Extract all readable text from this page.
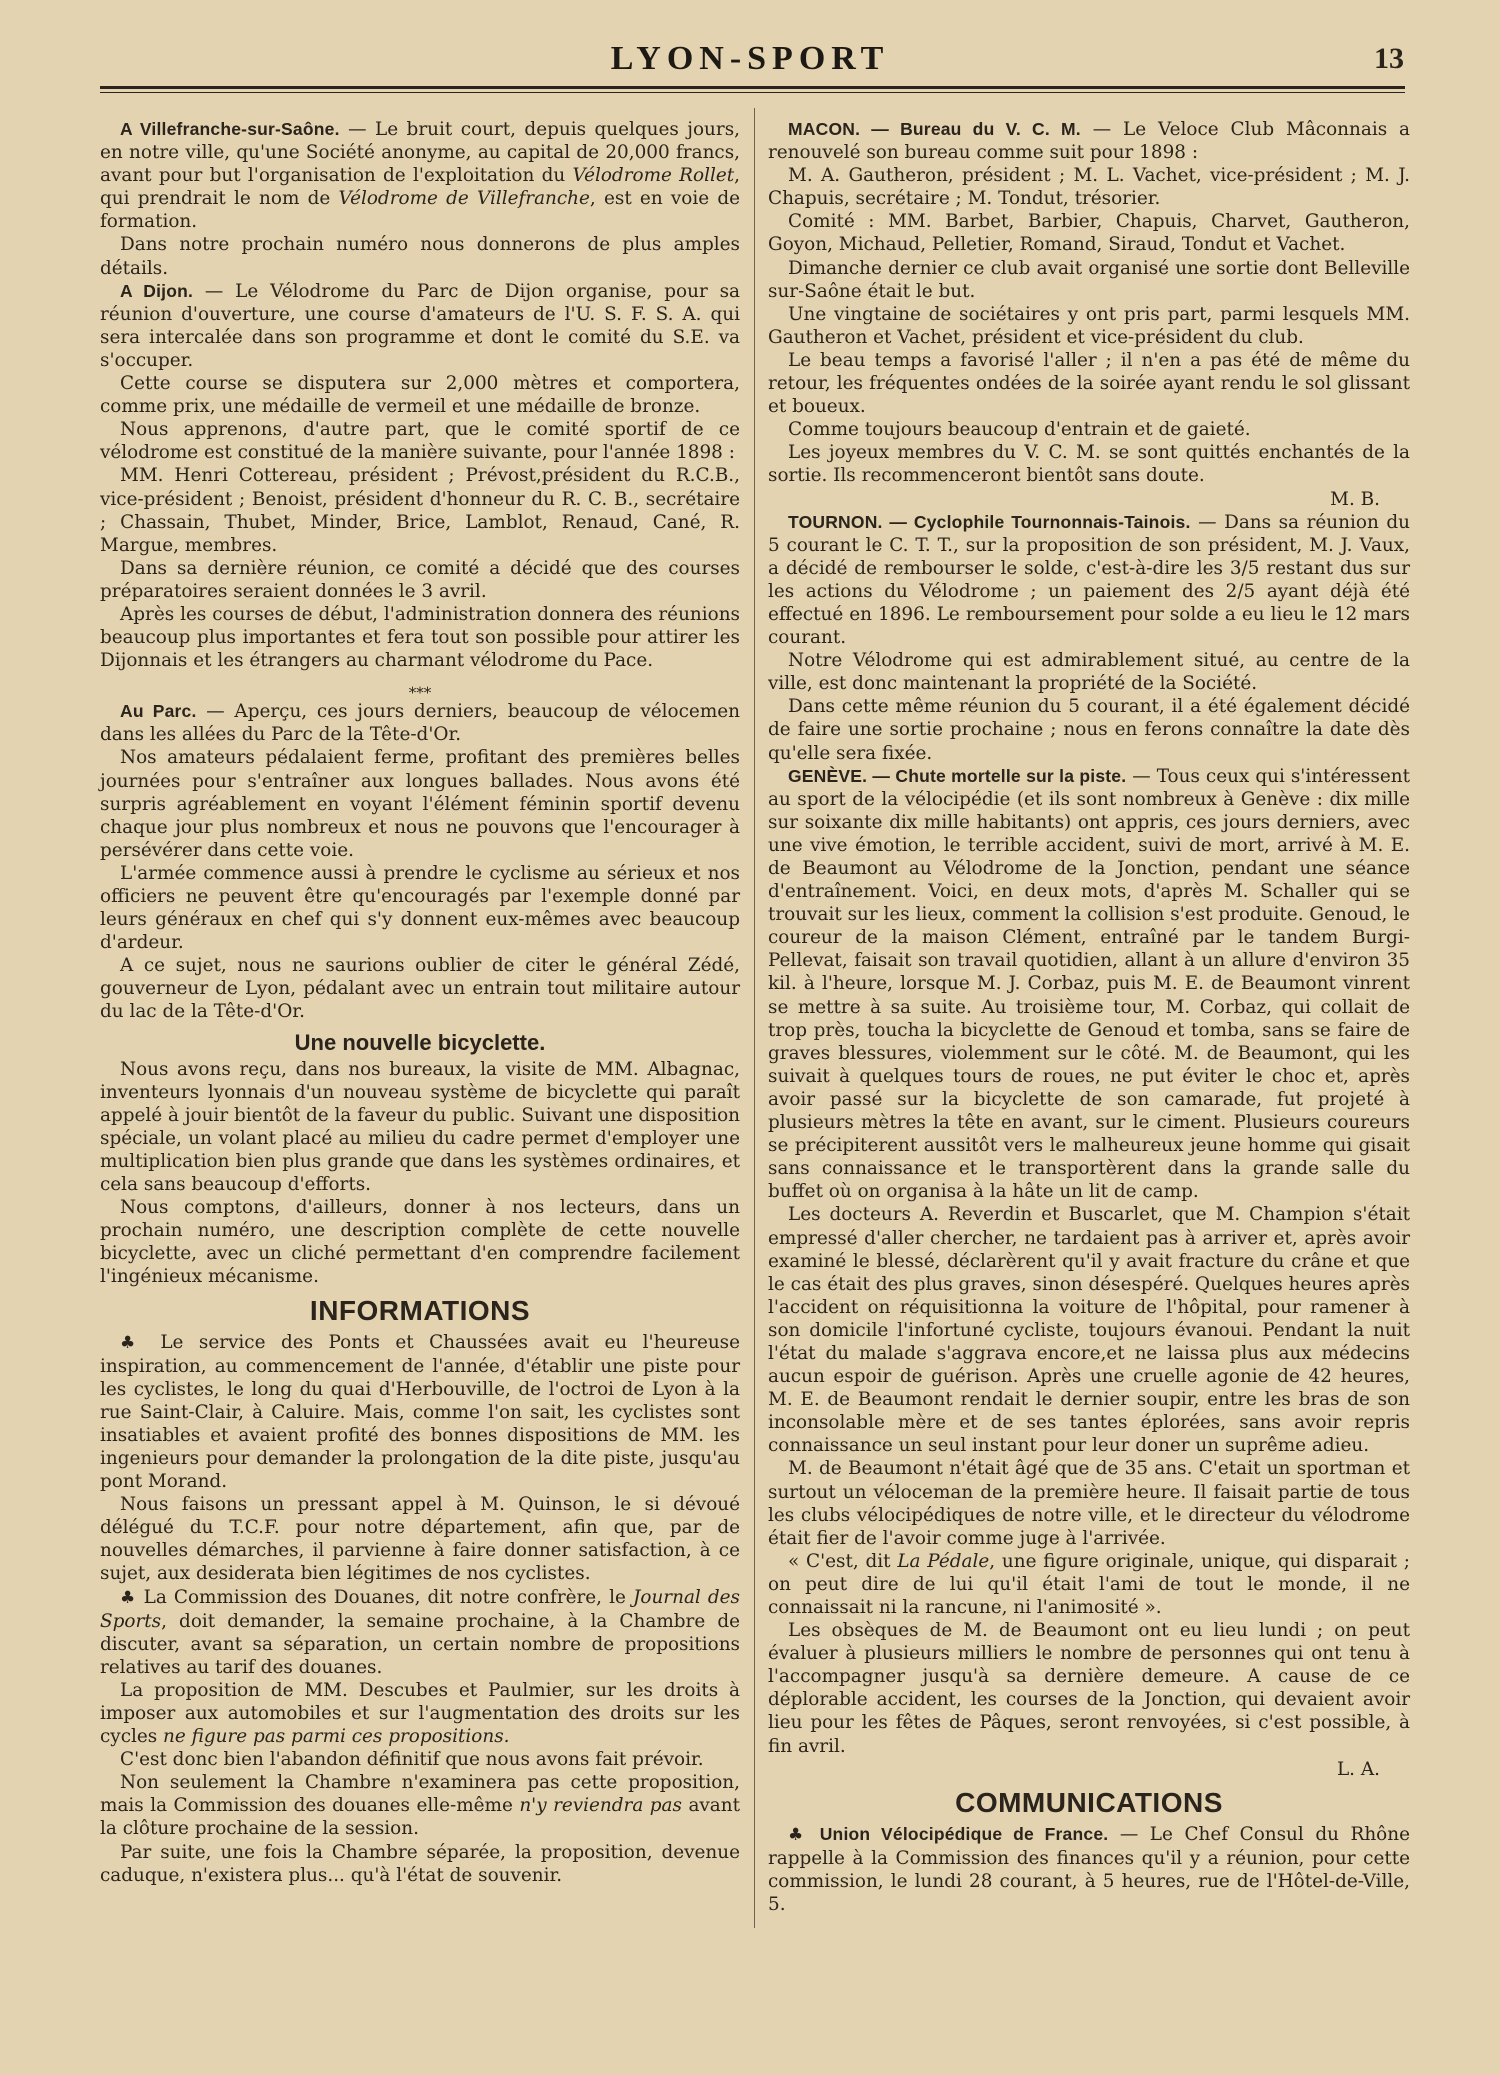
LYON-SPORT	13

A Villefranche-sur-Saône. — Le bruit court, depuis quelques jours, en notre ville, qu'une Société anonyme, au capital de 20,000 francs, avant pour but l'organisation de l'exploitation du Vélodrome Rollet, qui prendrait le nom de Vélodrome de Villefranche, est en voie de formation.

Dans notre prochain numéro nous donnerons de plus amples détails.

A Dijon. — Le Vélodrome du Parc de Dijon organise, pour sa réunion d'ouverture, une course d'amateurs de l'U. S. F. S. A. qui sera intercalée dans son programme et dont le comité du S.E. va s'occuper.

Cette course se disputera sur 2,000 mètres et comportera, comme prix, une médaille de vermeil et une médaille de bronze.

Nous apprenons, d'autre part, que le comité sportif de ce vélodrome est constitué de la manière suivante, pour l'année 1898 :

MM. Henri Cottereau, président ; Prévost,président du R.C.B., vice-président ; Benoist, président d'honneur du R. C. B., secrétaire ; Chassain, Thubet, Minder, Brice, Lamblot, Renaud, Cané, R. Margue, membres.

Dans sa dernière réunion, ce comité a décidé que des courses préparatoires seraient données le 3 avril.

Après les courses de début, l'administration donnera des réunions beaucoup plus importantes et fera tout son possible pour attirer les Dijonnais et les étrangers au charmant vélodrome du Pace.

⁎⁎⁎

Au Parc. — Aperçu, ces jours derniers, beaucoup de vélocemen dans les allées du Parc de la Tête-d'Or.

Nos amateurs pédalaient ferme, profitant des premières belles journées pour s'entraîner aux longues ballades. Nous avons été surpris agréablement en voyant l'élément féminin sportif devenu chaque jour plus nombreux et nous ne pouvons que l'encourager à persévérer dans cette voie.

L'armée commence aussi à prendre le cyclisme au sérieux et nos officiers ne peuvent être qu'encouragés par l'exemple donné par leurs généraux en chef qui s'y donnent eux-mêmes avec beaucoup d'ardeur.

A ce sujet, nous ne saurions oublier de citer le général Zédé, gouverneur de Lyon, pédalant avec un entrain tout militaire autour du lac de la Tête-d'Or.

Une nouvelle bicyclette.

Nous avons reçu, dans nos bureaux, la visite de MM. Albagnac, inventeurs lyonnais d'un nouveau système de bicyclette qui paraît appelé à jouir bientôt de la faveur du public. Suivant une disposition spéciale, un volant placé au milieu du cadre permet d'employer une multiplication bien plus grande que dans les systèmes ordinaires, et cela sans beaucoup d'efforts.

Nous comptons, d'ailleurs, donner à nos lecteurs, dans un prochain numéro, une description complète de cette nouvelle bicyclette, avec un cliché permettant d'en comprendre facilement l'ingénieux mécanisme.

INFORMATIONS

♣ Le service des Ponts et Chaussées avait eu l'heureuse inspiration, au commencement de l'année, d'établir une piste pour les cyclistes, le long du quai d'Herbouville, de l'octroi de Lyon à la rue Saint-Clair, à Caluire. Mais, comme l'on sait, les cyclistes sont insatiables et avaient profité des bonnes dispositions de MM. les ingenieurs pour demander la prolongation de la dite piste, jusqu'au pont Morand.

Nous faisons un pressant appel à M. Quinson, le si dévoué délégué du T.C.F. pour notre département, afin que, par de nouvelles démarches, il parvienne à faire donner satisfaction, à ce sujet, aux desiderata bien légitimes de nos cyclistes.

♣ La Commission des Douanes, dit notre confrère, le Journal des Sports, doit demander, la semaine prochaine, à la Chambre de discuter, avant sa séparation, un certain nombre de propositions relatives au tarif des douanes.

La proposition de MM. Descubes et Paulmier, sur les droits à imposer aux automobiles et sur l'augmentation des droits sur les cycles ne figure pas parmi ces propositions.

C'est donc bien l'abandon définitif que nous avons fait prévoir.

Non seulement la Chambre n'examinera pas cette proposition, mais la Commission des douanes elle-même n'y reviendra pas avant la clôture prochaine de la session.

Par suite, une fois la Chambre séparée, la proposition, devenue caduque, n'existera plus... qu'à l'état de souvenir.

MACON. — Bureau du V. C. M. — Le Veloce Club Mâconnais a renouvelé son bureau comme suit pour 1898 :

M. A. Gautheron, président ; M. L. Vachet, vice-président ; M. J. Chapuis, secrétaire ; M. Tondut, trésorier.

Comité : MM. Barbet, Barbier, Chapuis, Charvet, Gautheron, Goyon, Michaud, Pelletier, Romand, Siraud, Tondut et Vachet.

Dimanche dernier ce club avait organisé une sortie dont Belleville sur-Saône était le but.

Une vingtaine de sociétaires y ont pris part, parmi lesquels MM. Gautheron et Vachet, président et vice-président du club.

Le beau temps a favorisé l'aller ; il n'en a pas été de même du retour, les fréquentes ondées de la soirée ayant rendu le sol glissant et boueux.

Comme toujours beaucoup d'entrain et de gaieté.

Les joyeux membres du V. C. M. se sont quittés enchantés de la sortie. Ils recommenceront bientôt sans doute.
M. B.

TOURNON. — Cyclophile Tournonnais-Tainois. — Dans sa réunion du 5 courant le C. T. T., sur la proposition de son président, M. J. Vaux, a décidé de rembourser le solde, c'est-à-dire les 3/5 restant dus sur les actions du Vélodrome ; un paiement des 2/5 ayant déjà été effectué en 1896. Le remboursement pour solde a eu lieu le 12 mars courant.

Notre Vélodrome qui est admirablement situé, au centre de la ville, est donc maintenant la propriété de la Société.

Dans cette même réunion du 5 courant, il a été également décidé de faire une sortie prochaine ; nous en ferons connaître la date dès qu'elle sera fixée.

GENÈVE. — Chute mortelle sur la piste. — Tous ceux qui s'intéressent au sport de la vélocipédie (et ils sont nombreux à Genève : dix mille sur soixante dix mille habitants) ont appris, ces jours derniers, avec une vive émotion, le terrible accident, suivi de mort, arrivé à M. E. de Beaumont au Vélodrome de la Jonction, pendant une séance d'entraînement. Voici, en deux mots, d'après M. Schaller qui se trouvait sur les lieux, comment la collision s'est produite. Genoud, le coureur de la maison Clément, entraîné par le tandem Burgi-Pellevat, faisait son travail quotidien, allant à un allure d'environ 35 kil. à l'heure, lorsque M. J. Corbaz, puis M. E. de Beaumont vinrent se mettre à sa suite. Au troisième tour, M. Corbaz, qui collait de trop près, toucha la bicyclette de Genoud et tomba, sans se faire de graves blessures, violemment sur le côté. M. de Beaumont, qui les suivait à quelques tours de roues, ne put éviter le choc et, après avoir passé sur la bicyclette de son camarade, fut projeté à plusieurs mètres la tête en avant, sur le ciment. Plusieurs coureurs se précipiterent aussitôt vers le malheureux jeune homme qui gisait sans connaissance et le transportèrent dans la grande salle du buffet où on organisa à la hâte un lit de camp.

Les docteurs A. Reverdin et Buscarlet, que M. Champion s'était empressé d'aller chercher, ne tardaient pas à arriver et, après avoir examiné le blessé, déclarèrent qu'il y avait fracture du crâne et que le cas était des plus graves, sinon désespéré. Quelques heures après l'accident on réquisitionna la voiture de l'hôpital, pour ramener à son domicile l'infortuné cycliste, toujours évanoui. Pendant la nuit l'état du malade s'aggrava encore,et ne laissa plus aux médecins aucun espoir de guérison. Après une cruelle agonie de 42 heures, M. E. de Beaumont rendait le dernier soupir, entre les bras de son inconsolable mère et de ses tantes éplorées, sans avoir repris connaissance un seul instant pour leur doner un suprême adieu.

M. de Beaumont n'était âgé que de 35 ans. C'etait un sportman et surtout un véloceman de la première heure. Il faisait partie de tous les clubs vélocipédiques de notre ville, et le directeur du vélodrome était fier de l'avoir comme juge à l'arrivée.

« C'est, dit La Pédale, une figure originale, unique, qui disparait ; on peut dire de lui qu'il était l'ami de tout le monde, il ne connaissait ni la rancune, ni l'animosité ».

Les obsèques de M. de Beaumont ont eu lieu lundi ; on peut évaluer à plusieurs milliers le nombre de personnes qui ont tenu à l'accompagner jusqu'à sa dernière demeure. A cause de ce déplorable accident, les courses de la Jonction, qui devaient avoir lieu pour les fêtes de Pâques, seront renvoyées, si c'est possible, à fin avril.
L. A.

COMMUNICATIONS

♣ Union Vélocipédique de France. — Le Chef Consul du Rhône rappelle à la Commission des finances qu'il y a réunion, pour cette commission, le lundi 28 courant, à 5 heures, rue de l'Hôtel-de-Ville, 5.
